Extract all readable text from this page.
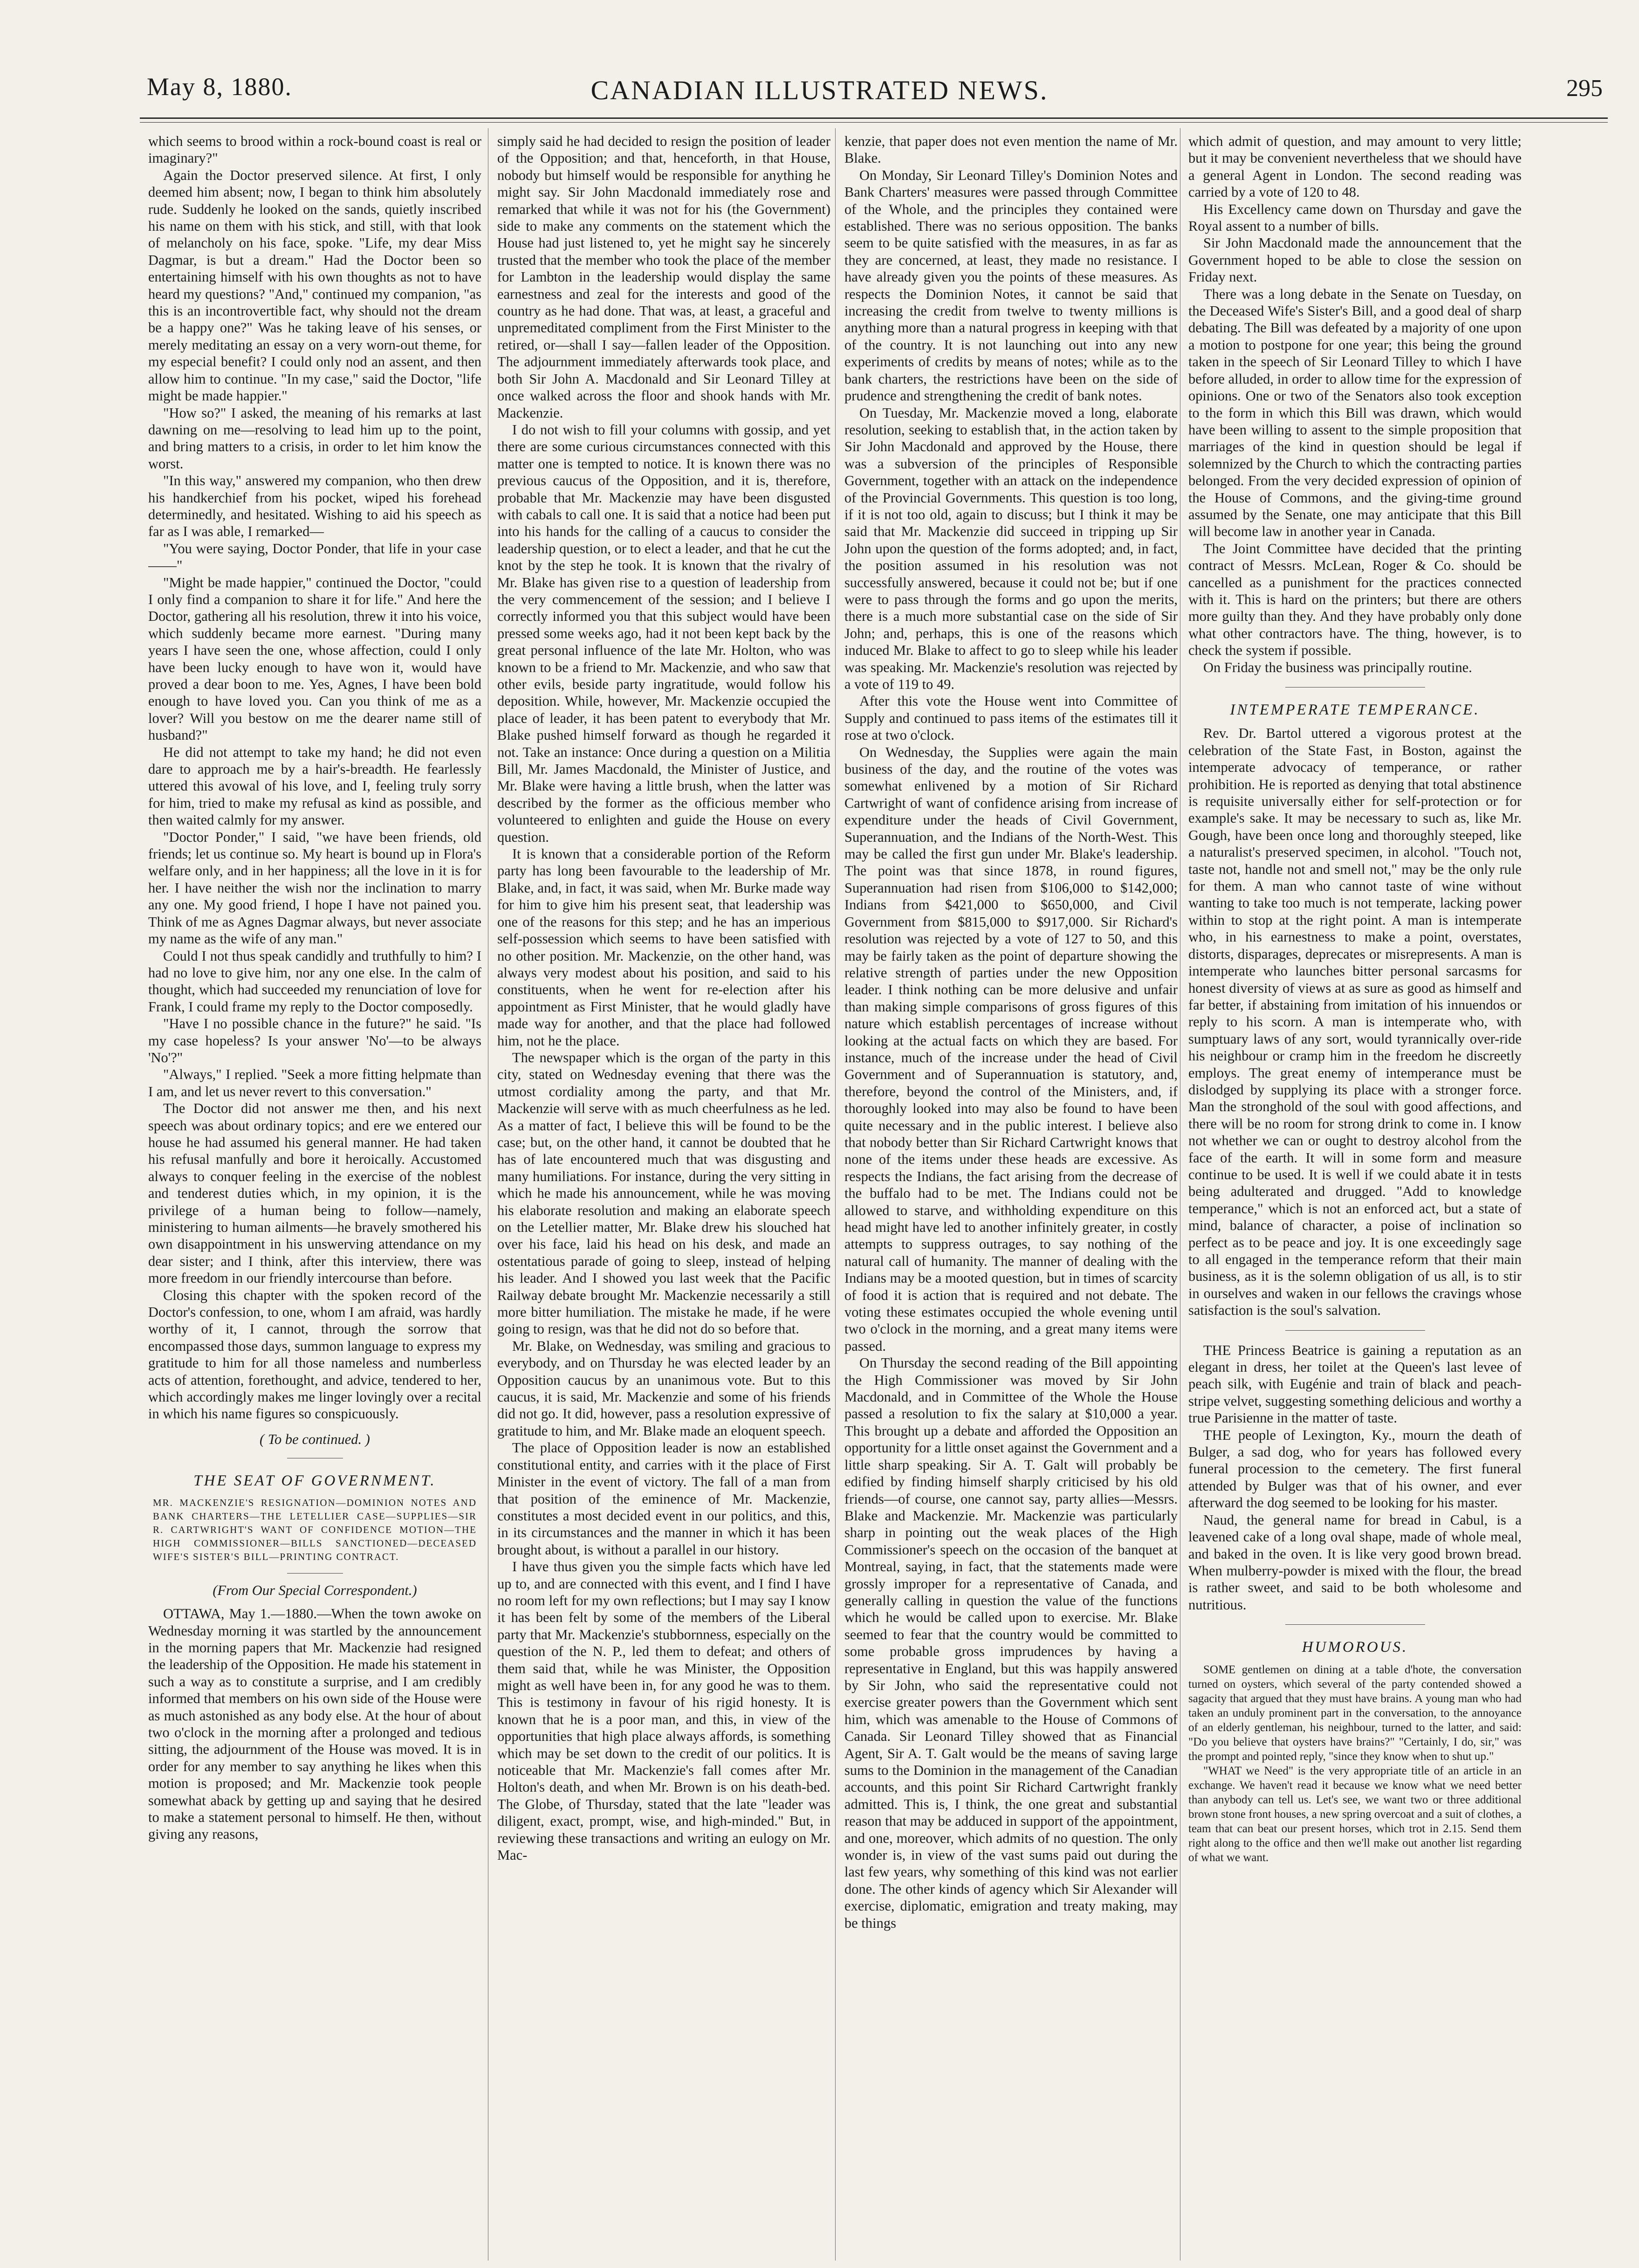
May 8, 1880.	CANADIAN ILLUSTRATED NEWS.	295

which seems to brood within a rock-bound coast is real or imaginary?"

Again the Doctor preserved silence. At first, I only deemed him absent; now, I began to think him absolutely rude. Suddenly he looked on the sands, quietly inscribed his name on them with his stick, and still, with that look of melancholy on his face, spoke. "Life, my dear Miss Dagmar, is but a dream." Had the Doctor been so entertaining himself with his own thoughts as not to have heard my questions? "And," continued my companion, "as this is an incontrovertible fact, why should not the dream be a happy one?" Was he taking leave of his senses, or merely meditating an essay on a very worn-out theme, for my especial benefit? I could only nod an assent, and then allow him to continue. "In my case," said the Doctor, "life might be made happier."

"How so?" I asked, the meaning of his remarks at last dawning on me—resolving to lead him up to the point, and bring matters to a crisis, in order to let him know the worst.

"In this way," answered my companion, who then drew his handkerchief from his pocket, wiped his forehead determinedly, and hesitated. Wishing to aid his speech as far as I was able, I remarked—

"You were saying, Doctor Ponder, that life in your case——"

"Might be made happier," continued the Doctor, "could I only find a companion to share it for life." And here the Doctor, gathering all his resolution, threw it into his voice, which suddenly became more earnest. "During many years I have seen the one, whose affection, could I only have been lucky enough to have won it, would have proved a dear boon to me. Yes, Agnes, I have been bold enough to have loved you. Can you think of me as a lover? Will you bestow on me the dearer name still of husband?"

He did not attempt to take my hand; he did not even dare to approach me by a hair's-breadth. He fearlessly uttered this avowal of his love, and I, feeling truly sorry for him, tried to make my refusal as kind as possible, and then waited calmly for my answer.

"Doctor Ponder," I said, "we have been friends, old friends; let us continue so. My heart is bound up in Flora's welfare only, and in her happiness; all the love in it is for her. I have neither the wish nor the inclination to marry any one. My good friend, I hope I have not pained you. Think of me as Agnes Dagmar always, but never associate my name as the wife of any man."

Could I not thus speak candidly and truthfully to him? I had no love to give him, nor any one else. In the calm of thought, which had succeeded my renunciation of love for Frank, I could frame my reply to the Doctor composedly.

"Have I no possible chance in the future?" he said. "Is my case hopeless? Is your answer 'No'—to be always 'No'?"

"Always," I replied. "Seek a more fitting helpmate than I am, and let us never revert to this conversation."

The Doctor did not answer me then, and his next speech was about ordinary topics; and ere we entered our house he had assumed his general manner. He had taken his refusal manfully and bore it heroically. Accustomed always to conquer feeling in the exercise of the noblest and tenderest duties which, in my opinion, it is the privilege of a human being to follow—namely, ministering to human ailments—he bravely smothered his own disappointment in his unswerving attendance on my dear sister; and I think, after this interview, there was more freedom in our friendly intercourse than before.

Closing this chapter with the spoken record of the Doctor's confession, to one, whom I am afraid, was hardly worthy of it, I cannot, through the sorrow that encompassed those days, summon language to express my gratitude to him for all those nameless and numberless acts of attention, forethought, and advice, tendered to her, which accordingly makes me linger lovingly over a recital in which his name figures so conspicuously.

( To be continued. )
THE SEAT OF GOVERNMENT.
MR. MACKENZIE'S RESIGNATION—DOMINION NOTES AND BANK CHARTERS—THE LETELLIER CASE—SUPPLIES—SIR R. CARTWRIGHT'S WANT OF CONFIDENCE MOTION—THE HIGH COMMISSIONER—BILLS SANCTIONED—DECEASED WIFE'S SISTER'S BILL—PRINTING CONTRACT.
(From Our Special Correspondent.)

OTTAWA, May 1.—1880.—When the town awoke on Wednesday morning it was startled by the announcement in the morning papers that Mr. Mackenzie had resigned the leadership of the Opposition. He made his statement in such a way as to constitute a surprise, and I am credibly informed that members on his own side of the House were as much astonished as any body else. At the hour of about two o'clock in the morning after a prolonged and tedious sitting, the adjournment of the House was moved. It is in order for any member to say anything he likes when this motion is proposed; and Mr. Mackenzie took people somewhat aback by getting up and saying that he desired to make a statement personal to himself. He then, without giving any reasons,

simply said he had decided to resign the position of leader of the Opposition; and that, henceforth, in that House, nobody but himself would be responsible for anything he might say. Sir John Macdonald immediately rose and remarked that while it was not for his (the Government) side to make any comments on the statement which the House had just listened to, yet he might say he sincerely trusted that the member who took the place of the member for Lambton in the leadership would display the same earnestness and zeal for the interests and good of the country as he had done. That was, at least, a graceful and unpremeditated compliment from the First Minister to the retired, or—shall I say—fallen leader of the Opposition. The adjournment immediately afterwards took place, and both Sir John A. Macdonald and Sir Leonard Tilley at once walked across the floor and shook hands with Mr. Mackenzie.

I do not wish to fill your columns with gossip, and yet there are some curious circumstances connected with this matter one is tempted to notice. It is known there was no previous caucus of the Opposition, and it is, therefore, probable that Mr. Mackenzie may have been disgusted with cabals to call one. It is said that a notice had been put into his hands for the calling of a caucus to consider the leadership question, or to elect a leader, and that he cut the knot by the step he took. It is known that the rivalry of Mr. Blake has given rise to a question of leadership from the very commencement of the session; and I believe I correctly informed you that this subject would have been pressed some weeks ago, had it not been kept back by the great personal influence of the late Mr. Holton, who was known to be a friend to Mr. Mackenzie, and who saw that other evils, beside party ingratitude, would follow his deposition. While, however, Mr. Mackenzie occupied the place of leader, it has been patent to everybody that Mr. Blake pushed himself forward as though he regarded it not. Take an instance: Once during a question on a Militia Bill, Mr. James Macdonald, the Minister of Justice, and Mr. Blake were having a little brush, when the latter was described by the former as the officious member who volunteered to enlighten and guide the House on every question.

It is known that a considerable portion of the Reform party has long been favourable to the leadership of Mr. Blake, and, in fact, it was said, when Mr. Burke made way for him to give him his present seat, that leadership was one of the reasons for this step; and he has an imperious self-possession which seems to have been satisfied with no other position. Mr. Mackenzie, on the other hand, was always very modest about his position, and said to his constituents, when he went for re-election after his appointment as First Minister, that he would gladly have made way for another, and that the place had followed him, not he the place.

The newspaper which is the organ of the party in this city, stated on Wednesday evening that there was the utmost cordiality among the party, and that Mr. Mackenzie will serve with as much cheerfulness as he led. As a matter of fact, I believe this will be found to be the case; but, on the other hand, it cannot be doubted that he has of late encountered much that was disgusting and many humiliations. For instance, during the very sitting in which he made his announcement, while he was moving his elaborate resolution and making an elaborate speech on the Letellier matter, Mr. Blake drew his slouched hat over his face, laid his head on his desk, and made an ostentatious parade of going to sleep, instead of helping his leader. And I showed you last week that the Pacific Railway debate brought Mr. Mackenzie necessarily a still more bitter humiliation. The mistake he made, if he were going to resign, was that he did not do so before that.

Mr. Blake, on Wednesday, was smiling and gracious to everybody, and on Thursday he was elected leader by an Opposition caucus by an unanimous vote. But to this caucus, it is said, Mr. Mackenzie and some of his friends did not go. It did, however, pass a resolution expressive of gratitude to him, and Mr. Blake made an eloquent speech.

The place of Opposition leader is now an established constitutional entity, and carries with it the place of First Minister in the event of victory. The fall of a man from that position of the eminence of Mr. Mackenzie, constitutes a most decided event in our politics, and this, in its circumstances and the manner in which it has been brought about, is without a parallel in our history.

I have thus given you the simple facts which have led up to, and are connected with this event, and I find I have no room left for my own reflections; but I may say I know it has been felt by some of the members of the Liberal party that Mr. Mackenzie's stubbornness, especially on the question of the N. P., led them to defeat; and others of them said that, while he was Minister, the Opposition might as well have been in, for any good he was to them. This is testimony in favour of his rigid honesty. It is known that he is a poor man, and this, in view of the opportunities that high place always affords, is something which may be set down to the credit of our politics. It is noticeable that Mr. Mackenzie's fall comes after Mr. Holton's death, and when Mr. Brown is on his death-bed. The Globe, of Thursday, stated that the late "leader was diligent, exact, prompt, wise, and high-minded." But, in reviewing these transactions and writing an eulogy on Mr. Mac-

kenzie, that paper does not even mention the name of Mr. Blake.

On Monday, Sir Leonard Tilley's Dominion Notes and Bank Charters' measures were passed through Committee of the Whole, and the principles they contained were established. There was no serious opposition. The banks seem to be quite satisfied with the measures, in as far as they are concerned, at least, they made no resistance. I have already given you the points of these measures. As respects the Dominion Notes, it cannot be said that increasing the credit from twelve to twenty millions is anything more than a natural progress in keeping with that of the country. It is not launching out into any new experiments of credits by means of notes; while as to the bank charters, the restrictions have been on the side of prudence and strengthening the credit of bank notes.

On Tuesday, Mr. Mackenzie moved a long, elaborate resolution, seeking to establish that, in the action taken by Sir John Macdonald and approved by the House, there was a subversion of the principles of Responsible Government, together with an attack on the independence of the Provincial Governments. This question is too long, if it is not too old, again to discuss; but I think it may be said that Mr. Mackenzie did succeed in tripping up Sir John upon the question of the forms adopted; and, in fact, the position assumed in his resolution was not successfully answered, because it could not be; but if one were to pass through the forms and go upon the merits, there is a much more substantial case on the side of Sir John; and, perhaps, this is one of the reasons which induced Mr. Blake to affect to go to sleep while his leader was speaking. Mr. Mackenzie's resolution was rejected by a vote of 119 to 49.

After this vote the House went into Committee of Supply and continued to pass items of the estimates till it rose at two o'clock.

On Wednesday, the Supplies were again the main business of the day, and the routine of the votes was somewhat enlivened by a motion of Sir Richard Cartwright of want of confidence arising from increase of expenditure under the heads of Civil Government, Superannuation, and the Indians of the North-West. This may be called the first gun under Mr. Blake's leadership. The point was that since 1878, in round figures, Superannuation had risen from $106,000 to $142,000; Indians from $421,000 to $650,000, and Civil Government from $815,000 to $917,000. Sir Richard's resolution was rejected by a vote of 127 to 50, and this may be fairly taken as the point of departure showing the relative strength of parties under the new Opposition leader. I think nothing can be more delusive and unfair than making simple comparisons of gross figures of this nature which establish percentages of increase without looking at the actual facts on which they are based. For instance, much of the increase under the head of Civil Government and of Superannuation is statutory, and, therefore, beyond the control of the Ministers, and, if thoroughly looked into may also be found to have been quite necessary and in the public interest. I believe also that nobody better than Sir Richard Cartwright knows that none of the items under these heads are excessive. As respects the Indians, the fact arising from the decrease of the buffalo had to be met. The Indians could not be allowed to starve, and withholding expenditure on this head might have led to another infinitely greater, in costly attempts to suppress outrages, to say nothing of the natural call of humanity. The manner of dealing with the Indians may be a mooted question, but in times of scarcity of food it is action that is required and not debate. The voting these estimates occupied the whole evening until two o'clock in the morning, and a great many items were passed.

On Thursday the second reading of the Bill appointing the High Commissioner was moved by Sir John Macdonald, and in Committee of the Whole the House passed a resolution to fix the salary at $10,000 a year. This brought up a debate and afforded the Opposition an opportunity for a little onset against the Government and a little sharp speaking. Sir A. T. Galt will probably be edified by finding himself sharply criticised by his old friends—of course, one cannot say, party allies—Messrs. Blake and Mackenzie. Mr. Mackenzie was particularly sharp in pointing out the weak places of the High Commissioner's speech on the occasion of the banquet at Montreal, saying, in fact, that the statements made were grossly improper for a representative of Canada, and generally calling in question the value of the functions which he would be called upon to exercise. Mr. Blake seemed to fear that the country would be committed to some probable gross imprudences by having a representative in England, but this was happily answered by Sir John, who said the representative could not exercise greater powers than the Government which sent him, which was amenable to the House of Commons of Canada. Sir Leonard Tilley showed that as Financial Agent, Sir A. T. Galt would be the means of saving large sums to the Dominion in the management of the Canadian accounts, and this point Sir Richard Cartwright frankly admitted. This is, I think, the one great and substantial reason that may be adduced in support of the appointment, and one, moreover, which admits of no question. The only wonder is, in view of the vast sums paid out during the last few years, why something of this kind was not earlier done. The other kinds of agency which Sir Alexander will exercise, diplomatic, emigration and treaty making, may be things

which admit of question, and may amount to very little; but it may be convenient nevertheless that we should have a general Agent in London. The second reading was carried by a vote of 120 to 48.

His Excellency came down on Thursday and gave the Royal assent to a number of bills.

Sir John Macdonald made the announcement that the Government hoped to be able to close the session on Friday next.

There was a long debate in the Senate on Tuesday, on the Deceased Wife's Sister's Bill, and a good deal of sharp debating. The Bill was defeated by a majority of one upon a motion to postpone for one year; this being the ground taken in the speech of Sir Leonard Tilley to which I have before alluded, in order to allow time for the expression of opinions. One or two of the Senators also took exception to the form in which this Bill was drawn, which would have been willing to assent to the simple proposition that marriages of the kind in question should be legal if solemnized by the Church to which the contracting parties belonged. From the very decided expression of opinion of the House of Commons, and the giving-time ground assumed by the Senate, one may anticipate that this Bill will become law in another year in Canada.

The Joint Committee have decided that the printing contract of Messrs. McLean, Roger & Co. should be cancelled as a punishment for the practices connected with it. This is hard on the printers; but there are others more guilty than they. And they have probably only done what other contractors have. The thing, however, is to check the system if possible.

On Friday the business was principally routine.

INTEMPERATE TEMPERANCE.

Rev. Dr. Bartol uttered a vigorous protest at the celebration of the State Fast, in Boston, against the intemperate advocacy of temperance, or rather prohibition. He is reported as denying that total abstinence is requisite universally either for self-protection or for example's sake. It may be necessary to such as, like Mr. Gough, have been once long and thoroughly steeped, like a naturalist's preserved specimen, in alcohol. "Touch not, taste not, handle not and smell not," may be the only rule for them. A man who cannot taste of wine without wanting to take too much is not temperate, lacking power within to stop at the right point. A man is intemperate who, in his earnestness to make a point, overstates, distorts, disparages, deprecates or misrepresents. A man is intemperate who launches bitter personal sarcasms for honest diversity of views at as sure as good as himself and far better, if abstaining from imitation of his innuendos or reply to his scorn. A man is intemperate who, with sumptuary laws of any sort, would tyrannically over-ride his neighbour or cramp him in the freedom he discreetly employs. The great enemy of intemperance must be dislodged by supplying its place with a stronger force. Man the stronghold of the soul with good affections, and there will be no room for strong drink to come in. I know not whether we can or ought to destroy alcohol from the face of the earth. It will in some form and measure continue to be used. It is well if we could abate it in tests being adulterated and drugged. "Add to knowledge temperance," which is not an enforced act, but a state of mind, balance of character, a poise of inclination so perfect as to be peace and joy. It is one exceedingly sage to all engaged in the temperance reform that their main business, as it is the solemn obligation of us all, is to stir in ourselves and waken in our fellows the cravings whose satisfaction is the soul's salvation.

THE Princess Beatrice is gaining a reputation as an elegant in dress, her toilet at the Queen's last levee of peach silk, with Eugénie and train of black and peach-stripe velvet, suggesting something delicious and worthy a true Parisienne in the matter of taste.

THE people of Lexington, Ky., mourn the death of Bulger, a sad dog, who for years has followed every funeral procession to the cemetery. The first funeral attended by Bulger was that of his owner, and ever afterward the dog seemed to be looking for his master.

Naud, the general name for bread in Cabul, is a leavened cake of a long oval shape, made of whole meal, and baked in the oven. It is like very good brown bread. When mulberry-powder is mixed with the flour, the bread is rather sweet, and said to be both wholesome and nutritious.

HUMOROUS.

SOME gentlemen on dining at a table d'hote, the conversation turned on oysters, which several of the party contended showed a sagacity that argued that they must have brains. A young man who had taken an unduly prominent part in the conversation, to the annoyance of an elderly gentleman, his neighbour, turned to the latter, and said: "Do you believe that oysters have brains?" "Certainly, I do, sir," was the prompt and pointed reply, "since they know when to shut up."

"WHAT we Need" is the very appropriate title of an article in an exchange. We haven't read it because we know what we need better than anybody can tell us. Let's see, we want two or three additional brown stone front houses, a new spring overcoat and a suit of clothes, a team that can beat our present horses, which trot in 2.15. Send them right along to the office and then we'll make out another list regarding of what we want.
